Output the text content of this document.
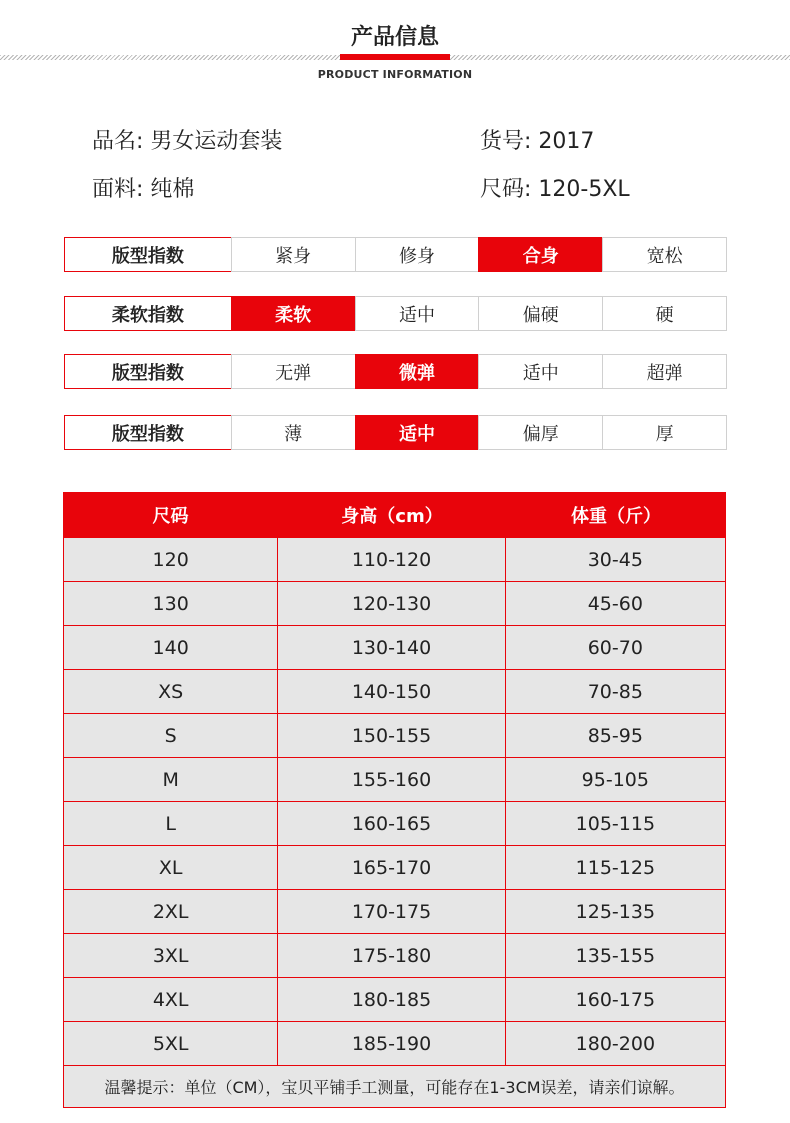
产品信息
PRODUCT INFORMATION
品名: 男女运动套装	货号: 2017
面料: 纯棉	尺码: 120-5XL
版型指数	紧身	修身	合身	宽松
柔软指数	柔软	适中	偏硬	硬
版型指数	无弹	微弹	适中	超弹
版型指数	薄	适中	偏厚	厚
尺码	身高（cm）	体重（斤）
120	110-120	30-45
130	120-130	45-60
140	130-140	60-70
XS	140-150	70-85
S	150-155	85-95
M	155-160	95-105
L	160-165	105-115
XL	165-170	115-125
2XL	170-175	125-135
3XL	175-180	135-155
4XL	180-185	160-175
5XL	185-190	180-200
温馨提示：单位（CM），宝贝平铺手工测量，可能存在1-3CM误差，请亲们谅解。
